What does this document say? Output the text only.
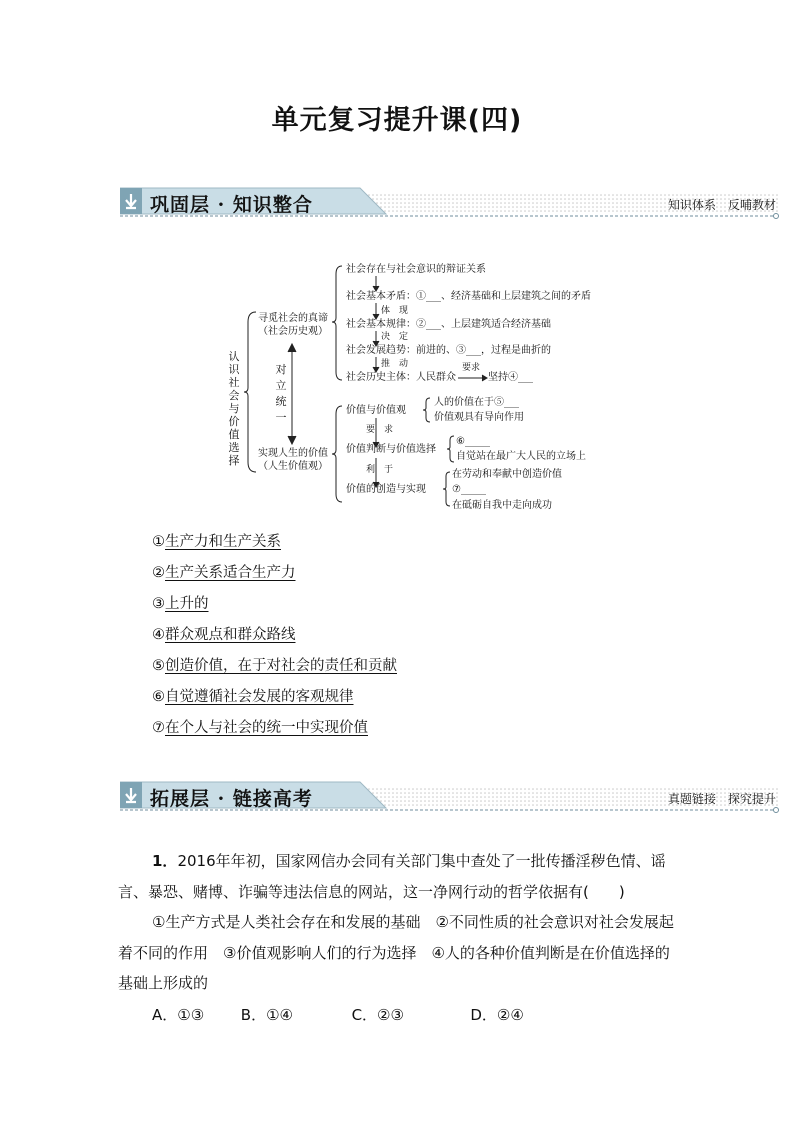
单元复习提升课(四)
巩固层 · 知识整合	知识体系　反哺教材
认识社会与价值选择
对立统一
寻觅社会的真谛
（社会历史观）
实现人生的价值
（人生价值观）
社会存在与社会意识的辩证关系
社会基本矛盾：①___、经济基础和上层建筑之间的矛盾
社会基本规律：②___、上层建筑适合经济基础
社会发展趋势：前进的、③___，过程是曲折的
社会历史主体：人民群众	坚持④___
体　现
决　定
推　动	要求
价值与价值观
价值判断与价值选择
价值的创造与实现
要　求
利　于
人的价值在于⑤___
价值观具有导向作用
⑥_____
自觉站在最广大人民的立场上
在劳动和奉献中创造价值
⑦_____
在砥砺自我中走向成功
①生产力和生产关系
②生产关系适合生产力
③上升的
④群众观点和群众路线
⑤创造价值，在于对社会的责任和贡献
⑥自觉遵循社会发展的客观规律
⑦在个人与社会的统一中实现价值
拓展层 · 链接高考	真题链接　探究提升
1．2016年年初，国家网信办会同有关部门集中查处了一批传播淫秽色情、谣言、暴恐、赌博、诈骗等违法信息的网站，这一净网行动的哲学依据有(　　)
①生产方式是人类社会存在和发展的基础　②不同性质的社会意识对社会发展起着不同的作用　③价值观影响人们的行为选择　④人的各种价值判断是在价值选择的基础上形成的
A．①③ B．①④	C．②③	D．②④
